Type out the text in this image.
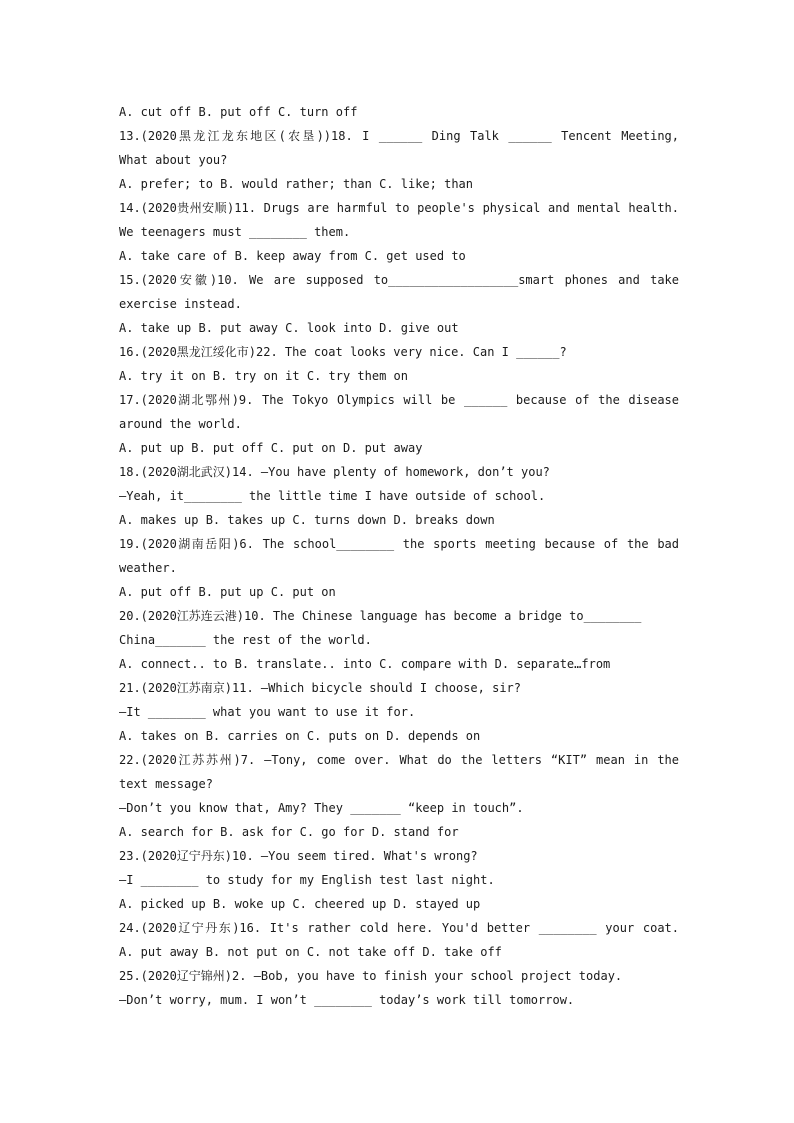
A. cut off B. put off C. turn off
13.(2020黑龙江龙东地区(农垦))18. I ______ Ding Talk ______ Tencent Meeting,
What about you?
A. prefer; to B. would rather; than C. like; than
14.(2020贵州安顺)11. Drugs are harmful to people's physical and mental health.
We teenagers must ________ them.
A. take care of B. keep away from C. get used to
15.(2020安徽)10. We are supposed to__________________smart phones and take
exercise instead.
A. take up B. put away C. look into D. give out
16.(2020黑龙江绥化市)22. The coat looks very nice. Can I ______?
A. try it on B. try on it C. try them on
17.(2020湖北鄂州)9. The Tokyo Olympics will be ______ because of the disease
around the world.
A. put up B. put off C. put on D. put away
18.(2020湖北武汉)14. —You have plenty of homework, don’t you?
—Yeah, it________ the little time I have outside of school.
A. makes up B. takes up C. turns down D. breaks down
19.(2020湖南岳阳)6. The school________ the sports meeting because of the bad
weather.
A. put off B. put up C. put on
20.(2020江苏连云港)10. The Chinese language has become a bridge to________
China_______ the rest of the world.
A. connect.. to B. translate.. into C. compare with D. separate…from
21.(2020江苏南京)11. —Which bicycle should I choose, sir?
—It ________ what you want to use it for.
A. takes on B. carries on C. puts on D. depends on
22.(2020江苏苏州)7. —Tony, come over. What do the letters “KIT” mean in the
text message?
—Don’t you know that, Amy? They _______ “keep in touch”.
A. search for B. ask for C. go for D. stand for
23.(2020辽宁丹东)10. —You seem tired. What's wrong?
—I ________ to study for my English test last night.
A. picked up B. woke up C. cheered up D. stayed up
24.(2020辽宁丹东)16. It's rather cold here. You'd better ________ your coat.
A. put away B. not put on C. not take off D. take off
25.(2020辽宁锦州)2. —Bob, you have to finish your school project today.
—Don’t worry, mum. I won’t ________ today’s work till tomorrow.
